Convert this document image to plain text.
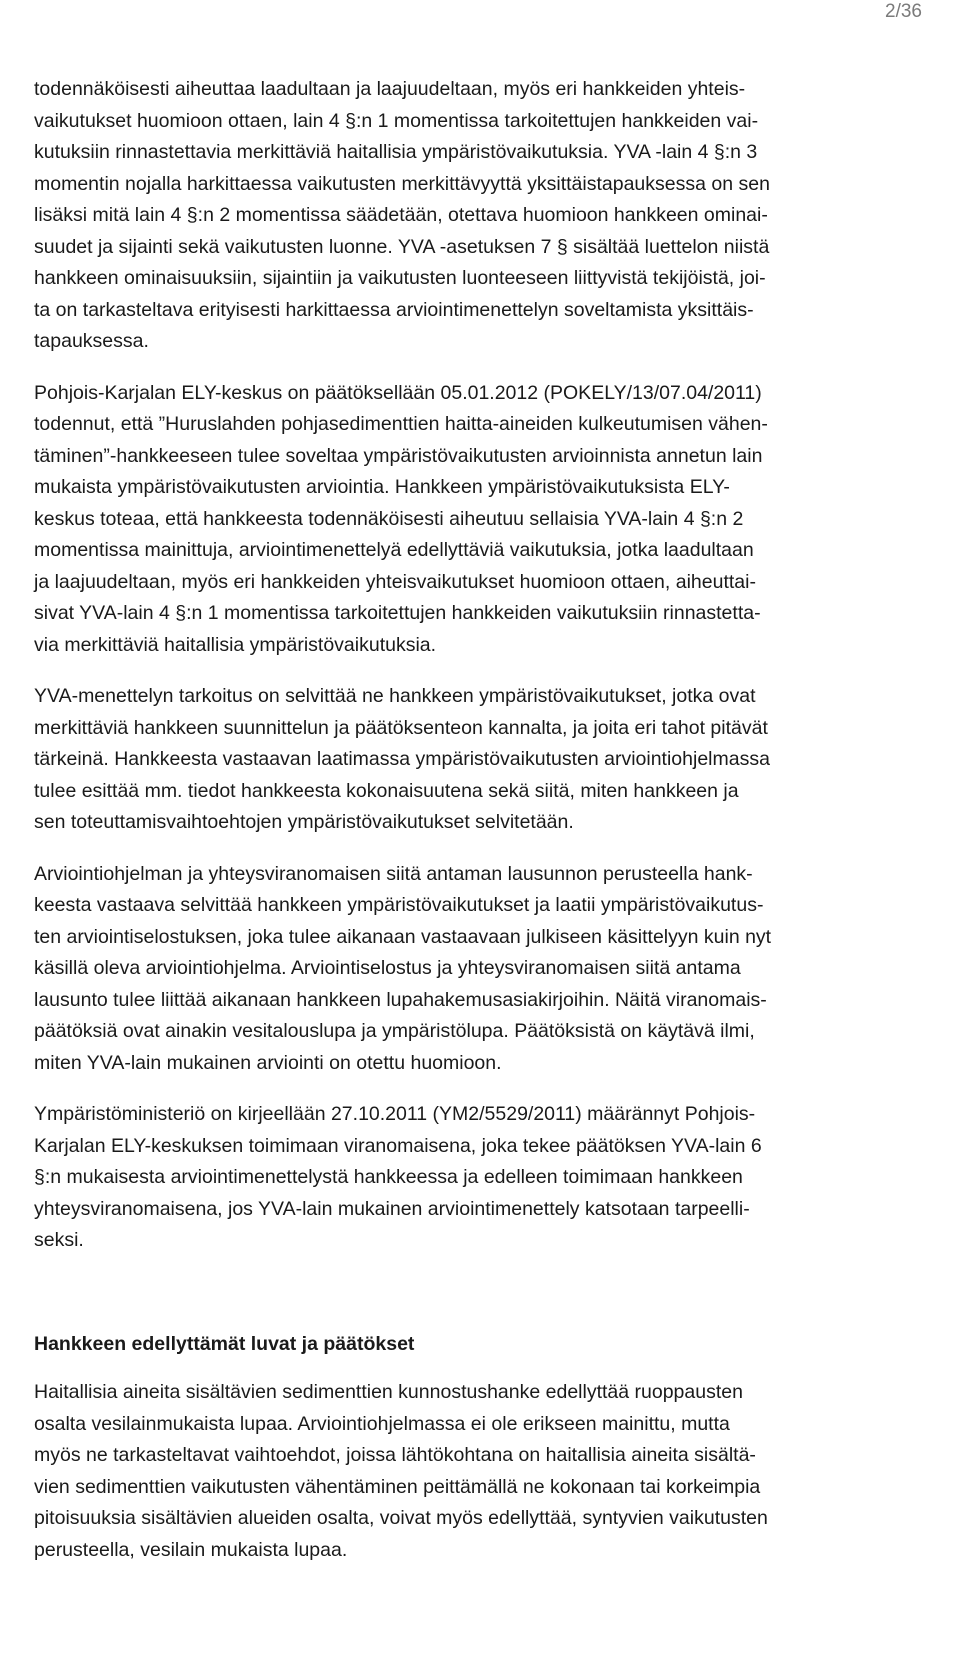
2/36

todennäköisesti aiheuttaa laadultaan ja laajuudeltaan, myös eri hankkeiden yhteis-
vaikutukset huomioon ottaen, lain 4 §:n 1 momentissa tarkoitettujen hankkeiden vai-
kutuksiin rinnastettavia merkittäviä haitallisia ympäristövaikutuksia. YVA -lain 4 §:n 3
momentin nojalla harkittaessa vaikutusten merkittävyyttä yksittäistapauksessa on sen
lisäksi mitä lain 4 §:n 2 momentissa säädetään, otettava huomioon hankkeen ominai-
suudet ja sijainti sekä vaikutusten luonne. YVA -asetuksen 7 § sisältää luettelon niistä
hankkeen ominaisuuksiin, sijaintiin ja vaikutusten luonteeseen liittyvistä tekijöistä, joi-
ta on tarkasteltava erityisesti harkittaessa arviointimenettelyn soveltamista yksittäis-
tapauksessa.

Pohjois-Karjalan ELY-keskus on päätöksellään 05.01.2012 (POKELY/13/07.04/2011)
todennut, että ”Huruslahden pohjasedimenttien haitta-aineiden kulkeutumisen vähen-
täminen”-hankkeeseen tulee soveltaa ympäristövaikutusten arvioinnista annetun lain
mukaista ympäristövaikutusten arviointia. Hankkeen ympäristövaikutuksista ELY-
keskus toteaa, että hankkeesta todennäköisesti aiheutuu sellaisia YVA-lain 4 §:n 2
momentissa mainittuja, arviointimenettelyä edellyttäviä vaikutuksia, jotka laadultaan
ja laajuudeltaan, myös eri hankkeiden yhteisvaikutukset huomioon ottaen, aiheuttai-
sivat YVA-lain 4 §:n 1 momentissa tarkoitettujen hankkeiden vaikutuksiin rinnastetta-
via merkittäviä haitallisia ympäristövaikutuksia.

YVA-menettelyn tarkoitus on selvittää ne hankkeen ympäristövaikutukset, jotka ovat
merkittäviä hankkeen suunnittelun ja päätöksenteon kannalta, ja joita eri tahot pitävät
tärkeinä. Hankkeesta vastaavan laatimassa ympäristövaikutusten arviointiohjelmassa
tulee esittää mm. tiedot hankkeesta kokonaisuutena sekä siitä, miten hankkeen ja
sen toteuttamisvaihtoehtojen ympäristövaikutukset selvitetään.

Arviointiohjelman ja yhteysviranomaisen siitä antaman lausunnon perusteella hank-
keesta vastaava selvittää hankkeen ympäristövaikutukset ja laatii ympäristövaikutus-
ten arviointiselostuksen, joka tulee aikanaan vastaavaan julkiseen käsittelyyn kuin nyt
käsillä oleva arviointiohjelma. Arviointiselostus ja yhteysviranomaisen siitä antama
lausunto tulee liittää aikanaan hankkeen lupahakemusasiakirjoihin. Näitä viranomais-
päätöksiä ovat ainakin vesitalouslupa ja ympäristölupa. Päätöksistä on käytävä ilmi,
miten YVA-lain mukainen arviointi on otettu huomioon.

Ympäristöministeriö on kirjeellään 27.10.2011 (YM2/5529/2011) määrännyt Pohjois-
Karjalan ELY-keskuksen toimimaan viranomaisena, joka tekee päätöksen YVA-lain 6
§:n mukaisesta arviointimenettelystä hankkeessa ja edelleen toimimaan hankkeen
yhteysviranomaisena, jos YVA-lain mukainen arviointimenettely katsotaan tarpeelli-
seksi.

Hankkeen edellyttämät luvat ja päätökset

Haitallisia aineita sisältävien sedimenttien kunnostushanke edellyttää ruoppausten
osalta vesilainmukaista lupaa. Arviointiohjelmassa ei ole erikseen mainittu, mutta
myös ne tarkasteltavat vaihtoehdot, joissa lähtökohtana on haitallisia aineita sisältä-
vien sedimenttien vaikutusten vähentäminen peittämällä ne kokonaan tai korkeimpia
pitoisuuksia sisältävien alueiden osalta, voivat myös edellyttää, syntyvien vaikutusten
perusteella, vesilain mukaista lupaa.
